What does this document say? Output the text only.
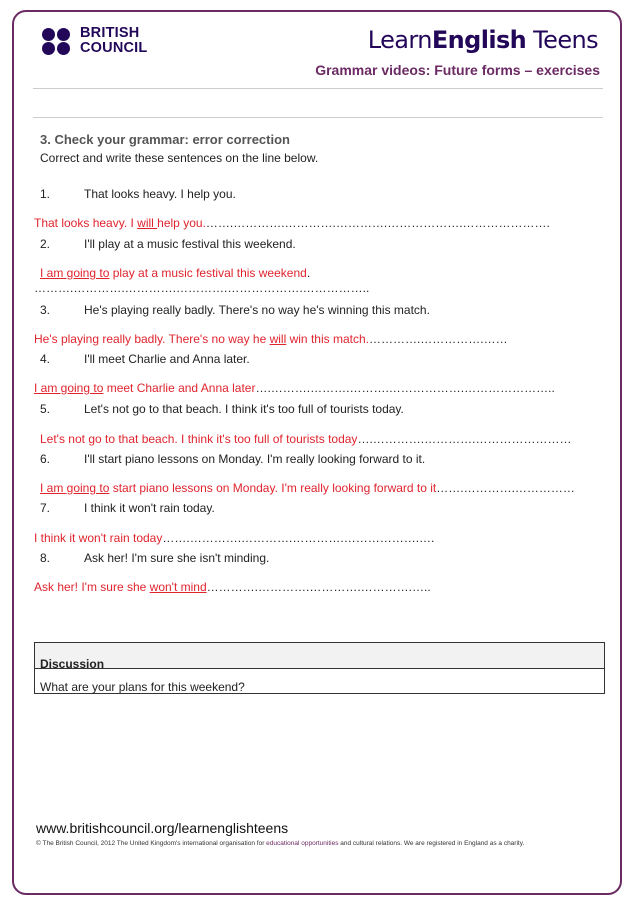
BRITISH
COUNCIL	LearnEnglish Teens
Grammar videos: Future forms – exercises
3. Check your grammar: error correction
Correct and write these sentences on the line below.
1.	That looks heavy. I help you.
That looks heavy. I will help you.…….………….………….………….……………….………………….
2.	I'll play at a music festival this weekend.
I am going to play at a music festival this weekend.
……….………….………….………….……………….……………..
3.	He's playing really badly. There's no way he's winning this match.
He's playing really badly. There's no way he will win this match.………….…………….……
4.	I'll meet Charlie and Anna later.
I am going to meet Charlie and Anna later….……….……….……….……………….…………………..
5.	Let's not go to that beach. I think it's too full of tourists today.
Let's not go to that beach. I think it's too full of tourists today….………….………….……………………
6.	I'll start piano lessons on Monday. I'm really looking forward to it.
I am going to start piano lessons on Monday. I'm really looking forward to it…….………….……………
7.	I think it won't rain today.
I think it won't rain today…….………….………….………….……………….….
8.	Ask her! I'm sure she isn't minding.
Ask her! I'm sure she won't mind………….………….………….………….…..
Discussion
What are your plans for this weekend?
www.britishcouncil.org/learnenglishteens
© The British Council, 2012 The United Kingdom's international organisation for educational opportunities and cultural relations. We are registered in England as a charity.
